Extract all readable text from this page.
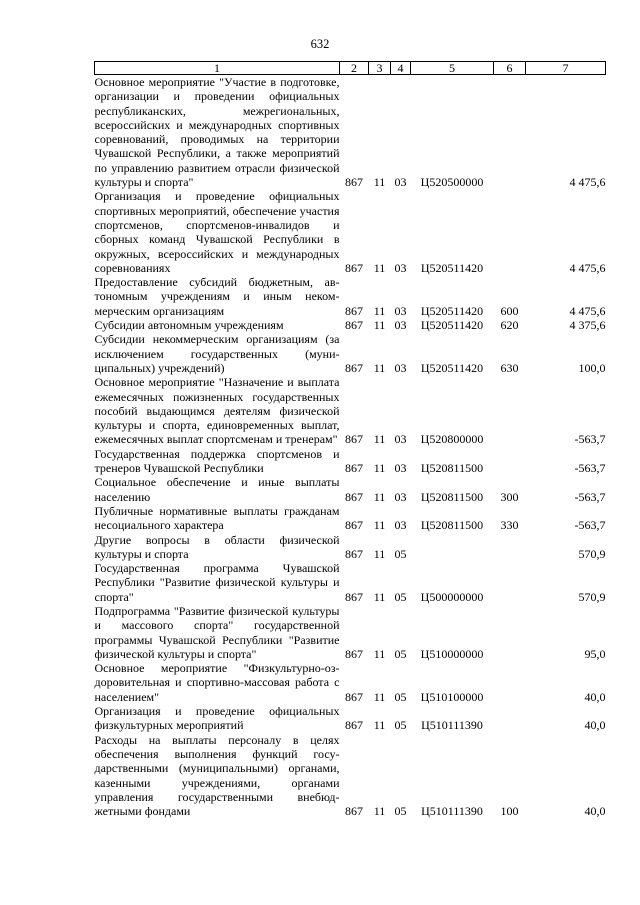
632
1	2	3	4	5	6	7
Основное мероприятие "Участие в подготовке, организации и проведении официальных республиканских, межрегиональных, всероссийских и международных спортивных соревнований, проводимых на территории Чувашской Республики, а также мероприятий по управлению развитием отрасли физической культуры и спорта"	867	11	03	Ц520500000		4 475,6
Организация и проведение официальных спортивных мероприятий, обеспечение участия спортсменов, спортсменов-инвалидов и сборных команд Чувашской Республики в окружных, всероссийских и международных соревнованиях	867	11	03	Ц520511420		4 475,6
Предоставление субсидий бюджетным, автономным учреждениям и иным некоммерческим организациям	867	11	03	Ц520511420	600	4 475,6
Субсидии автономным учреждениям	867	11	03	Ц520511420	620	4 375,6
Субсидии некоммерческим организациям (за исключением государственных (муниципальных) учреждений)	867	11	03	Ц520511420	630	100,0
Основное мероприятие "Назначение и выплата ежемесячных пожизненных государственных пособий выдающимся деятелям физической культуры и спорта, единовременных выплат, ежемесячных выплат спортсменам и тренерам"	867	11	03	Ц520800000		-563,7
Государственная поддержка спортсменов и тренеров Чувашской Республики	867	11	03	Ц520811500		-563,7
Социальное обеспечение и иные выплаты населению	867	11	03	Ц520811500	300	-563,7
Публичные нормативные выплаты гражданам несоциального характера	867	11	03	Ц520811500	330	-563,7
Другие вопросы в области физической культуры и спорта	867	11	05			570,9
Государственная программа Чувашской Республики "Развитие физической культуры и спорта"	867	11	05	Ц500000000		570,9
Подпрограмма "Развитие физической культуры и массового спорта" государственной программы Чувашской Республики "Развитие физической культуры и спорта"	867	11	05	Ц510000000		95,0
Основное мероприятие "Физкультурно-оздоровительная и спортивно-массовая работа с населением"	867	11	05	Ц510100000		40,0
Организация и проведение официальных физкультурных мероприятий	867	11	05	Ц510111390		40,0
Расходы на выплаты персоналу в целях обеспечения выполнения функций государственными (муниципальными) органами, казенными учреждениями, органами управления государственными внебюджетными фондами	867	11	05	Ц510111390	100	40,0
